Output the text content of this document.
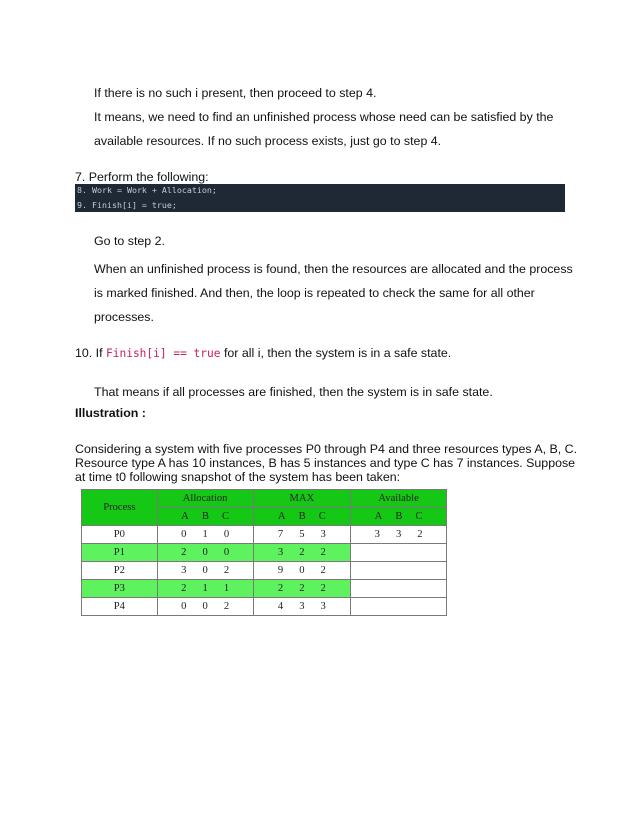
If there is no such i present, then proceed to step 4.
It means, we need to find an unfinished process whose need can be satisfied by the
available resources. If no such process exists, just go to step 4.
7. Perform the following:
8. Work = Work + Allocation;
9. Finish[i] = true;
Go to step 2.
When an unfinished process is found, then the resources are allocated and the process
is marked finished. And then, the loop is repeated to check the same for all other
processes.
10. If Finish[i] == true for all i, then the system is in a safe state.
That means if all processes are finished, then the system is in safe state.
Illustration :
Considering a system with five processes P0 through P4 and three resources types A, B, C.
Resource type A has 10 instances, B has 5 instances and type C has 7 instances. Suppose
at time t0 following snapshot of the system has been taken:
Process	Allocation	MAX	Available

	A B C	A B C	A B C

P0	0 1 0	7 5 3	3 3 2

P1	2 0 0	3 2 2	

P2	3 0 2	9 0 2	

P3	2 1 1	2 2 2	

P4	0 0 2	4 3 3	
